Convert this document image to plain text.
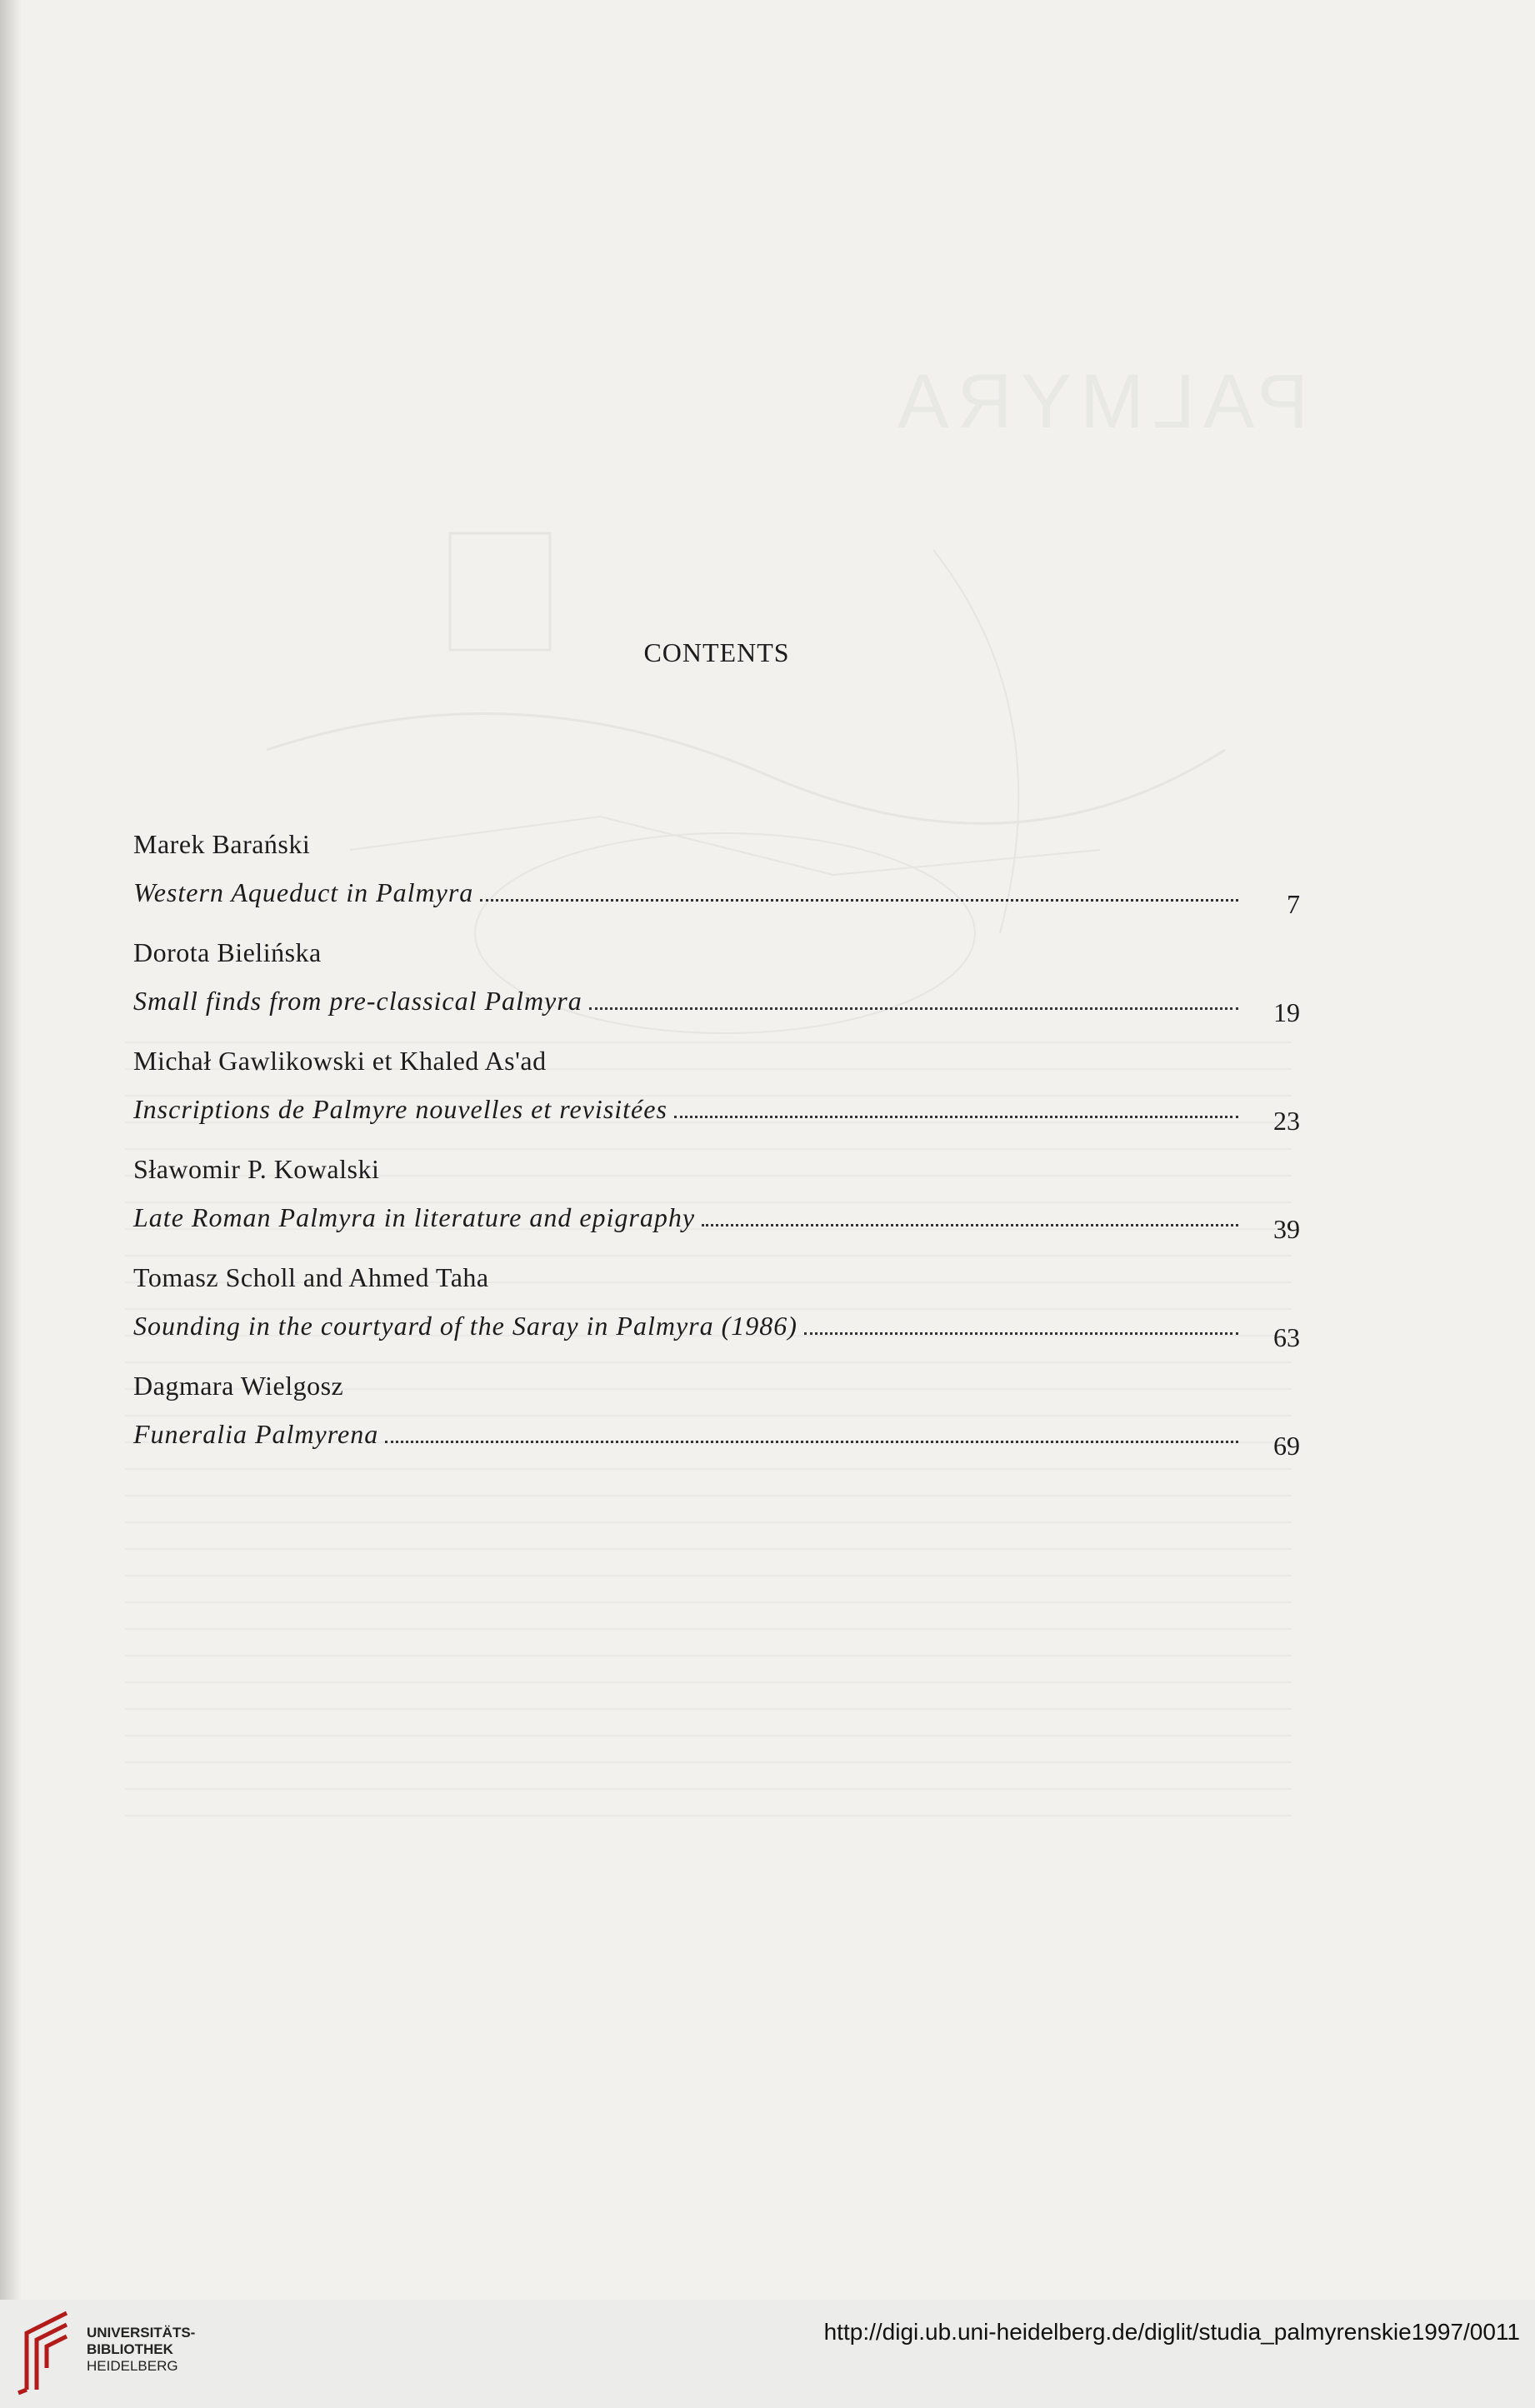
PALMYRA
CONTENTS
Marek Barański
Western Aqueduct in Palmyra	7
Dorota Bielińska
Small finds from pre-classical Palmyra	19
Michał Gawlikowski et Khaled As'ad
Inscriptions de Palmyre nouvelles et revisitées	23
Sławomir P. Kowalski
Late Roman Palmyra in literature and epigraphy	39
Tomasz Scholl and Ahmed Taha
Sounding in the courtyard of the Saray in Palmyra (1986)	63
Dagmara Wielgosz
Funeralia Palmyrena	69
UNIVERSITÄTS-
BIBLIOTHEK
HEIDELBERG
http://digi.ub.uni-heidelberg.de/diglit/studia_palmyrenskie1997/0011
